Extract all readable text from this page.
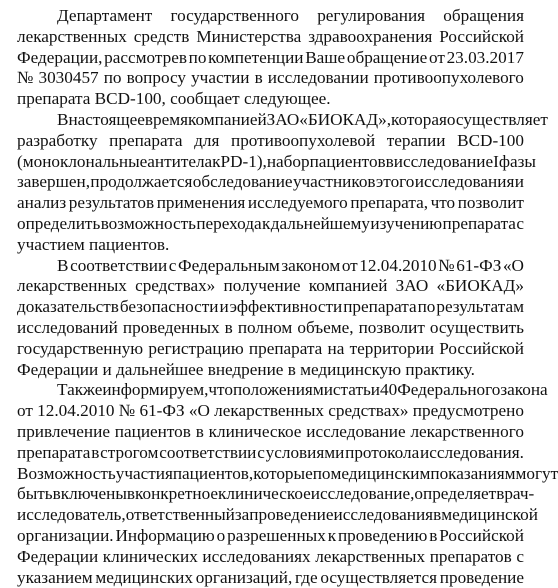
Департамент государственного регулирования обращения
лекарственных средств Министерства здравоохранения Российской
Федерации, рассмотрев по компетенции Ваше обращение от 23.03.2017
№ 3030457 по вопросу участии в исследовании противоопухолевого
препарата BCD-100, сообщает следующее.
В настоящее время компанией ЗАО «БИОКАД», которая осуществляет
разработку препарата для противоопухолевой терапии BCD-100
(моноклональные антитела к PD-1), набор пациентов в исследование I фазы
завершен, продолжается обследование участников этого исследования и
анализ результатов применения исследуемого препарата, что позволит
определить возможность перехода к дальнейшему изучению препарата с
участием пациентов.
В соответствии с Федеральным законом от 12.04.2010 № 61-ФЗ «О
лекарственных средствах» получение компанией ЗАО «БИОКАД»
доказательств безопасности и эффективности препарата по результатам
исследований проведенных в полном объеме, позволит осуществить
государственную регистрацию препарата на территории Российской
Федерации и дальнейшее внедрение в медицинскую практику.
Также информируем, что положениями статьи 40 Федерального закона
от 12.04.2010 № 61-ФЗ «О лекарственных средствах» предусмотрено
привлечение пациентов в клиническое исследование лекарственного
препарата в строгом соответствии с условиями протокола исследования.
Возможность участия пациентов, которые по медицинским показаниям могут
быть включены в конкретное клиническое исследование, определяет врач-
исследователь, ответственный за проведение исследования в медицинской
организации. Информацию о разрешенных к проведению в Российской
Федерации клинических исследованиях лекарственных препаратов с
указанием медицинских организаций, где осуществляется проведение
